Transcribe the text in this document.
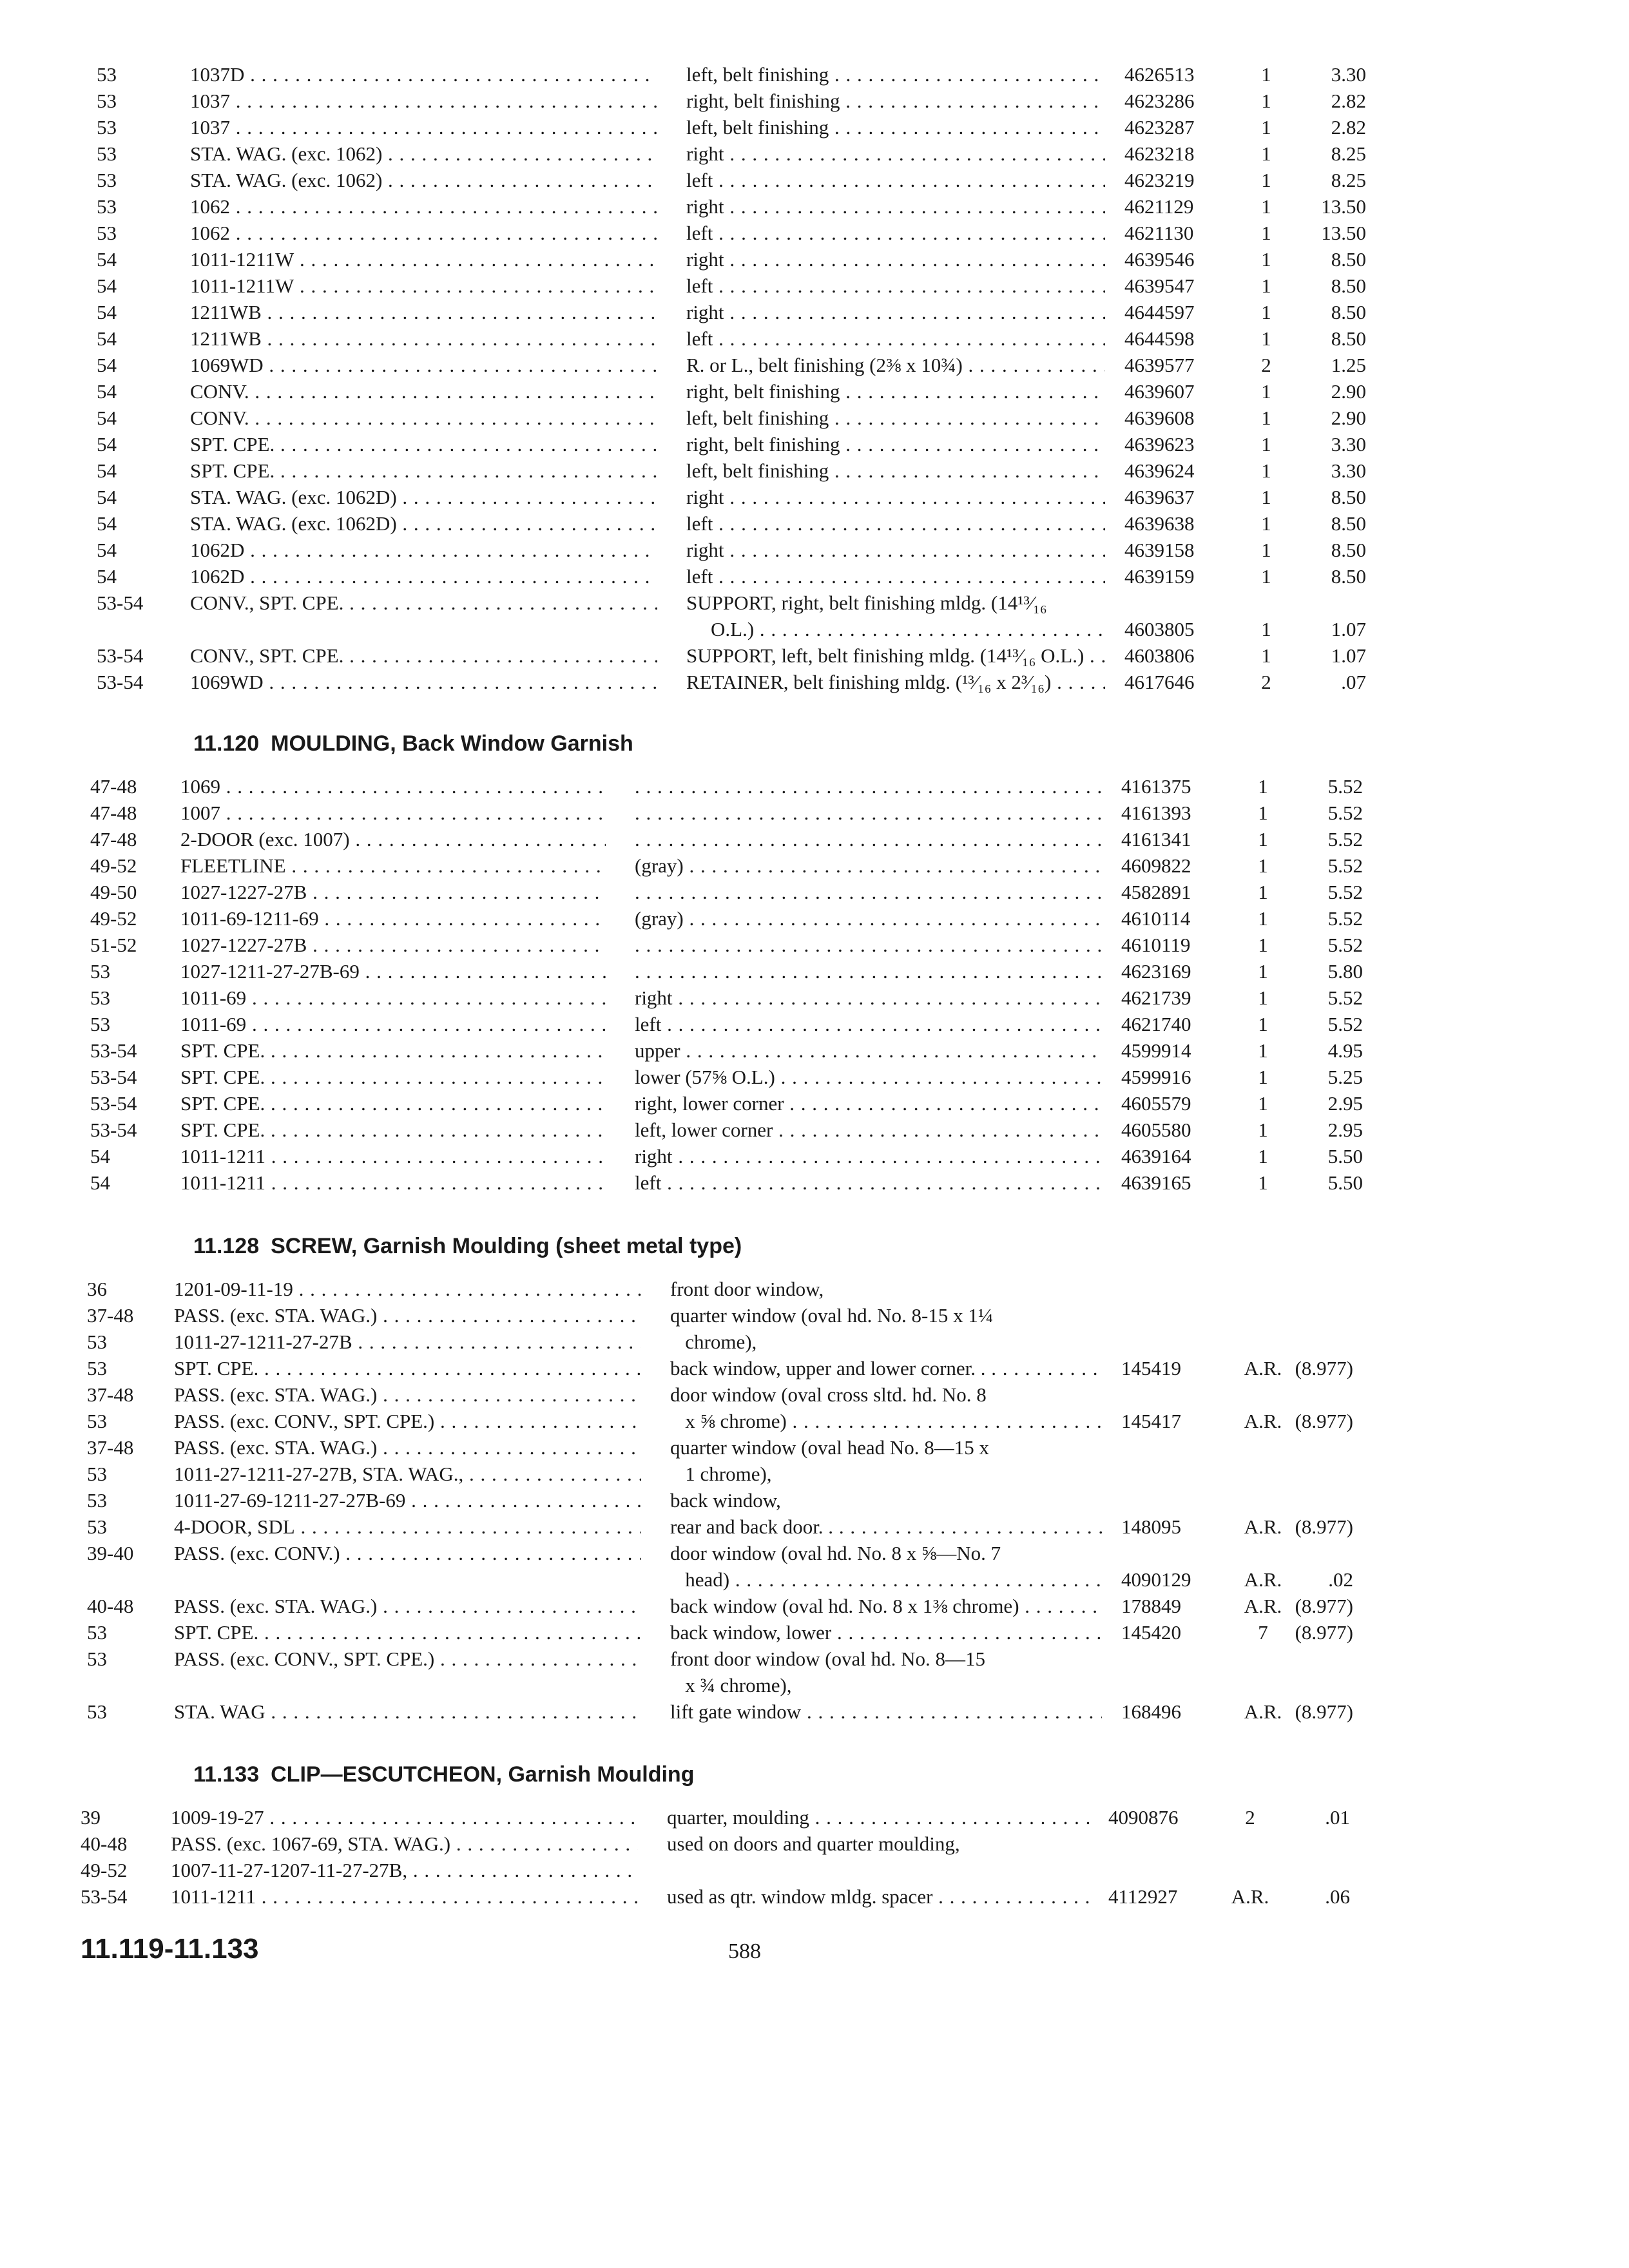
53	1037D . . .	left, belt finishing . . .	4626513	1	3.30
53	1037 . . .	right, belt finishing . . .	4623286	1	2.82
53	1037 . . .	left, belt finishing . . .	4623287	1	2.82
53	STA. WAG. (exc. 1062) . . .	right . . .	4623218	1	8.25
53	STA. WAG. (exc. 1062) . . .	left . . .	4623219	1	8.25
53	1062 . . .	right . . .	4621129	1	13.50
53	1062 . . .	left . . .	4621130	1	13.50
54	1011-1211W . . .	right . . .	4639546	1	8.50
54	1011-1211W . . .	left . . .	4639547	1	8.50
54	1211WB . . .	right . . .	4644597	1	8.50
54	1211WB . . .	left . . .	4644598	1	8.50
54	1069WD . . .	R. or L., belt finishing (2⅜ x 10¾) . . .	4639577	2	1.25
54	CONV. . . .	right, belt finishing . . .	4639607	1	2.90
54	CONV. . . .	left, belt finishing . . .	4639608	1	2.90
54	SPT. CPE. . . .	right, belt finishing . . .	4639623	1	3.30
54	SPT. CPE. . . .	left, belt finishing . . .	4639624	1	3.30
54	STA. WAG. (exc. 1062D) . . .	right . . .	4639637	1	8.50
54	STA. WAG. (exc. 1062D) . . .	left . . .	4639638	1	8.50
54	1062D . . .	right . . .	4639158	1	8.50
54	1062D . . .	left . . .	4639159	1	8.50
53-54 CONV., SPT. CPE. . . .	SUPPORT, right, belt finishing mldg. (14¹³⁄₁₆
O.L.) . . .	4603805	1	1.07
53-54 CONV., SPT. CPE. . . .	SUPPORT, left, belt finishing mldg. (14¹³⁄₁₆ O.L.) . . .	4603806	1	1.07
53-54 1069WD . . .	RETAINER, belt finishing mldg. (¹³⁄₁₆ x 2³⁄₁₆) . . .	4617646	2	.07
11.120 MOULDING, Back Window Garnish
47-48 1069 . . . . . .	4161375	1	5.52
47-48 1007 . . . . . .	4161393	1	5.52
47-48 2-DOOR (exc. 1007) . . . . . .	4161341	1	5.52
49-52 FLEETLINE . . .	(gray) . . .	4609822	1	5.52
49-50 1027-1227-27B . . . . . .	4582891	1	5.52
49-52 1011-69-1211-69 . . .	(gray) . . .	4610114	1	5.52
51-52 1027-1227-27B . . . . . .	4610119	1	5.52
53	1027-1211-27-27B-69 . . . . . .	4623169	1	5.80
53	1011-69 . . .	right . . .	4621739	1	5.52
53	1011-69 . . .	left . . .	4621740	1	5.52
53-54 SPT. CPE. . . .	upper . . .	4599914	1	4.95
53-54 SPT. CPE. . . .	lower (57⅝ O.L.) . . .	4599916	1	5.25
53-54 SPT. CPE. . . .	right, lower corner . . .	4605579	1	2.95
53-54 SPT. CPE. . . .	left, lower corner . . .	4605580	1	2.95
54	1011-1211 . . .	right . . .	4639164	1	5.50
54	1011-1211 . . .	left . . .	4639165	1	5.50
11.128 SCREW, Garnish Moulding (sheet metal type)
36	1201-09-11-19 . . .	front door window,
37-48 PASS. (exc. STA. WAG.) . . .	quarter window (oval hd. No. 8-15 x 1¼
53	1011-27-1211-27-27B . . .	chrome),
53	SPT. CPE. . . .	back window, upper and lower corner. . . . .	145419	A.R. (8.977)
37-48 PASS. (exc. STA. WAG.) . . .	door window (oval cross sltd. hd. No. 8
53	PASS. (exc. CONV., SPT. CPE.) . . .	x ⅝ chrome) . . .	145417	A.R. (8.977)
37-48 PASS. (exc. STA. WAG.) . . .	quarter window (oval head No. 8—15 x
53	1011-27-1211-27-27B, STA. WAG., . . .	1 chrome),
53	1011-27-69-1211-27-27B-69 . . .	back window,
53	4-DOOR, SDL . . .	rear and back door. . . . .	148095	A.R. (8.977)
39-40 PASS. (exc. CONV.) . . .	door window (oval hd. No. 8 x ⅝—No. 7
head) . . .	4090129	A.R.	.02
40-48 PASS. (exc. STA. WAG.) . . .	back window (oval hd. No. 8 x 1⅜ chrome) . . .	178849	A.R. (8.977)
53	SPT. CPE. . . .	back window, lower . . .	145420	7	(8.977)
53	PASS. (exc. CONV., SPT. CPE.) . . .	front door window (oval hd. No. 8—15
x ¾ chrome),
53	STA. WAG . . .	lift gate window . . .	168496	A.R. (8.977)
11.133 CLIP—ESCUTCHEON, Garnish Moulding
39	1009-19-27 . . .	quarter, moulding . . .	4090876	2	.01
40-48 PASS. (exc. 1067-69, STA. WAG.) . . .	used on doors and quarter moulding,
49-52 1007-11-27-1207-11-27-27B, . . .
53-54 1011-1211 . . .	used as qtr. window mldg. spacer . . .	4112927	A.R.	.06
11.119-11.133	588
